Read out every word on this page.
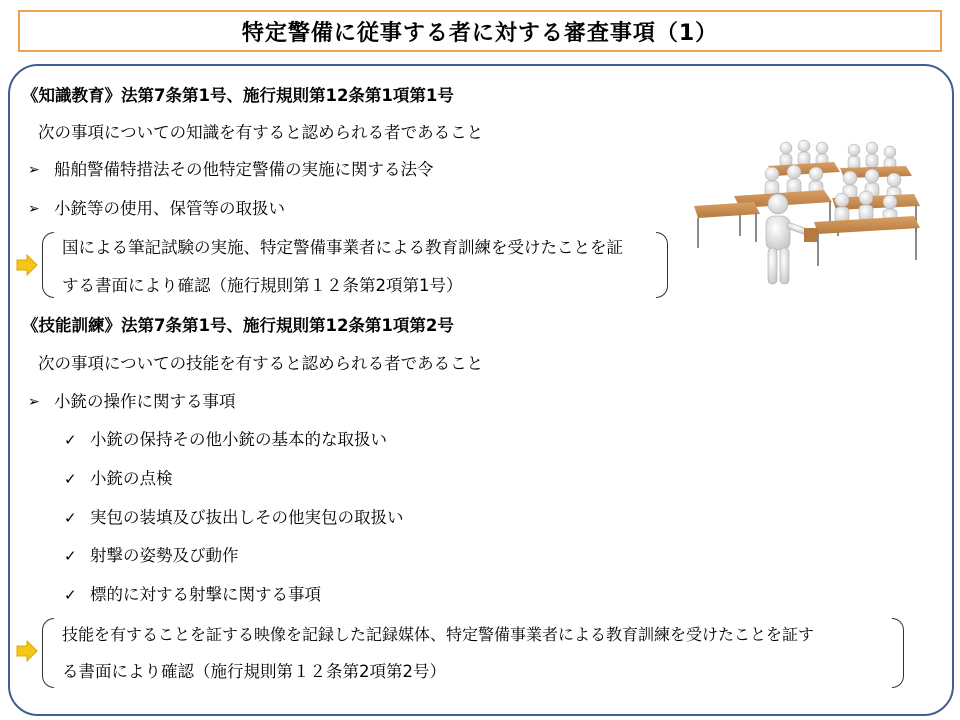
特定警備に従事する者に対する審査事項（1）
《知識教育》法第7条第1号、施行規則第12条第1項第1号
次の事項についての知識を有すると認められる者であること
➢ 船舶警備特措法その他特定警備の実施に関する法令
➢ 小銃等の使用、保管等の取扱い
国による筆記試験の実施、特定警備事業者による教育訓練を受けたことを証
する書面により確認（施行規則第１２条第2項第1号）
《技能訓練》法第7条第1号、施行規則第12条第1項第2号
次の事項についての技能を有すると認められる者であること
➢ 小銃の操作に関する事項
✓ 小銃の保持その他小銃の基本的な取扱い
✓ 小銃の点検
✓ 実包の装填及び抜出しその他実包の取扱い
✓ 射撃の姿勢及び動作
✓ 標的に対する射撃に関する事項
技能を有することを証する映像を記録した記録媒体、特定警備事業者による教育訓練を受けたことを証す
る書面により確認（施行規則第１２条第2項第2号）
